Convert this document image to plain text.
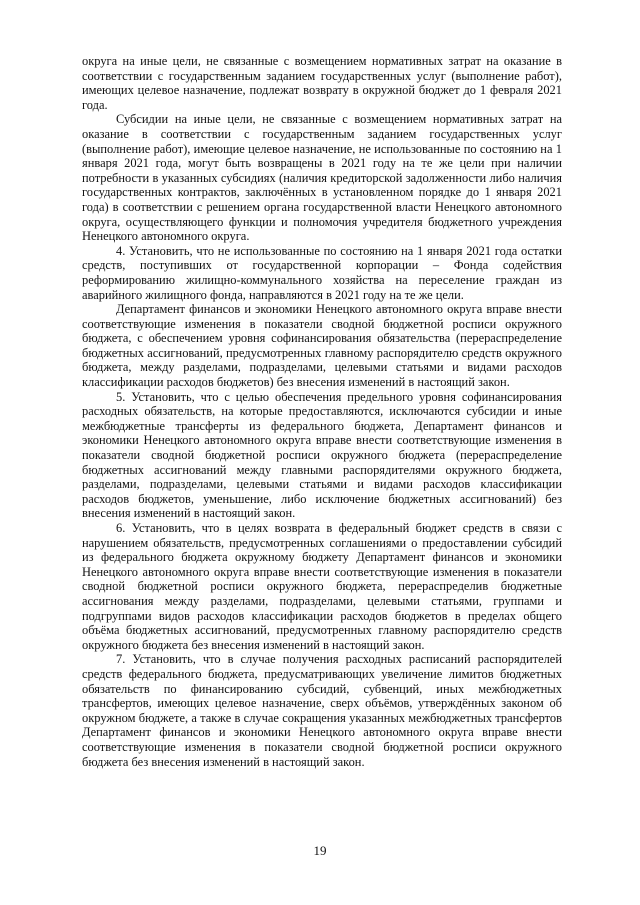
округа на иные цели, не связанные с возмещением нормативных затрат на оказание в соответствии с государственным заданием государственных услуг (выполнение работ), имеющих целевое назначение, подлежат возврату в окружной бюджет до 1 февраля 2021 года.

Субсидии на иные цели, не связанные с возмещением нормативных затрат на оказание в соответствии с государственным заданием государственных услуг (выполнение работ), имеющие целевое назначение, не использованные по состоянию на 1 января 2021 года, могут быть возвращены в 2021 году на те же цели при наличии потребности в указанных субсидиях (наличия кредиторской задолженности либо наличия государственных контрактов, заключённых в установленном порядке до 1 января 2021 года) в соответствии с решением органа государственной власти Ненецкого автономного округа, осуществляющего функции и полномочия учредителя бюджетного учреждения Ненецкого автономного округа.

4. Установить, что не использованные по состоянию на 1 января 2021 года остатки средств, поступивших от государственной корпорации – Фонда содействия реформированию жилищно-коммунального хозяйства на переселение граждан из аварийного жилищного фонда, направляются в 2021 году на те же цели.

Департамент финансов и экономики Ненецкого автономного округа вправе внести соответствующие изменения в показатели сводной бюджетной росписи окружного бюджета, с обеспечением уровня софинансирования обязательства (перераспределение бюджетных ассигнований, предусмотренных главному распорядителю средств окружного бюджета, между разделами, подразделами, целевыми статьями и видами расходов классификации расходов бюджетов) без внесения изменений в настоящий закон.

5. Установить, что с целью обеспечения предельного уровня софинансирования расходных обязательств, на которые предоставляются, исключаются субсидии и иные межбюджетные трансферты из федерального бюджета, Департамент финансов и экономики Ненецкого автономного округа вправе внести соответствующие изменения в показатели сводной бюджетной росписи окружного бюджета (перераспределение бюджетных ассигнований между главными распорядителями окружного бюджета, разделами, подразделами, целевыми статьями и видами расходов классификации расходов бюджетов, уменьшение, либо исключение бюджетных ассигнований) без внесения изменений в настоящий закон.

6. Установить, что в целях возврата в федеральный бюджет средств в связи с нарушением обязательств, предусмотренных соглашениями о предоставлении субсидий из федерального бюджета окружному бюджету Департамент финансов и экономики Ненецкого автономного округа вправе внести соответствующие изменения в показатели сводной бюджетной росписи окружного бюджета, перераспределив бюджетные ассигнования между разделами, подразделами, целевыми статьями, группами и подгруппами видов расходов классификации расходов бюджетов в пределах общего объёма бюджетных ассигнований, предусмотренных главному распорядителю средств окружного бюджета без внесения изменений в настоящий закон.

7. Установить, что в случае получения расходных расписаний распорядителей средств федерального бюджета, предусматривающих увеличение лимитов бюджетных обязательств по финансированию субсидий, субвенций, иных межбюджетных трансфертов, имеющих целевое назначение, сверх объёмов, утверждённых законом об окружном бюджете, а также в случае сокращения указанных межбюджетных трансфертов Департамент финансов и экономики Ненецкого автономного округа вправе внести соответствующие изменения в показатели сводной бюджетной росписи окружного бюджета без внесения изменений в настоящий закон.

19
